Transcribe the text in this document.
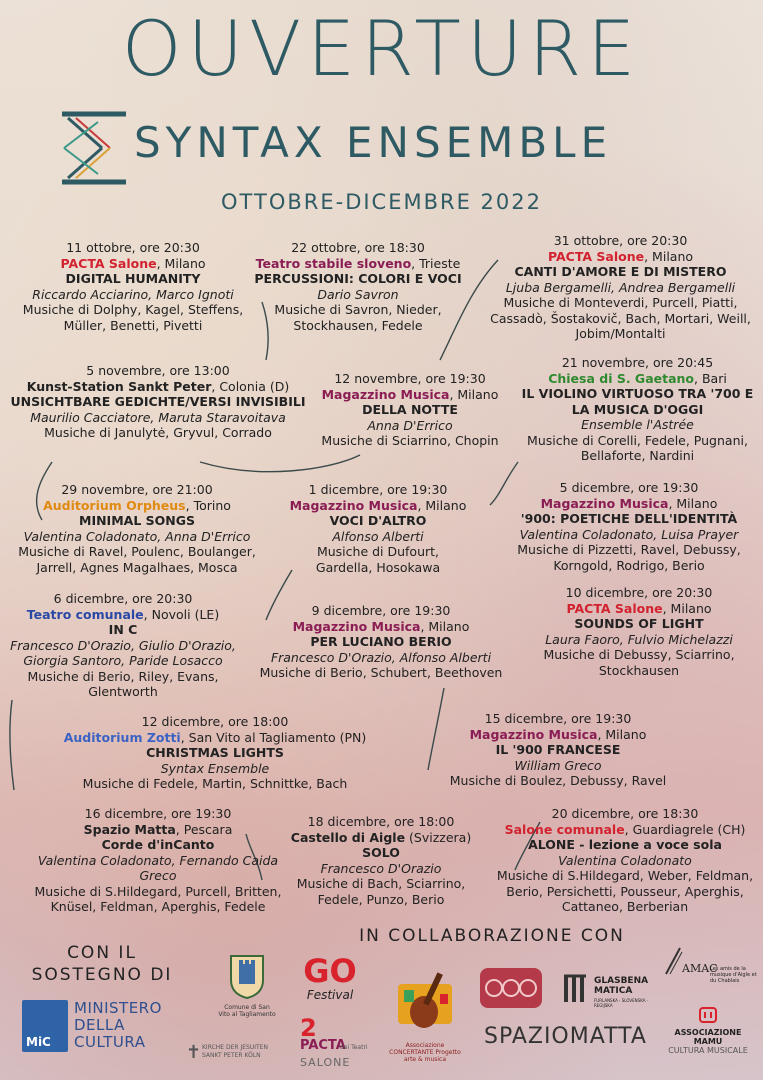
OUVERTURE
SYNTAX ENSEMBLE
OTTOBRE-DICEMBRE 2022
11 ottobre, ore 20:30
PACTA Salone, Milano
DIGITAL HUMANITY
Riccardo Acciarino, Marco Ignoti
Musiche di Dolphy, Kagel, Steffens, Müller, Benetti, Pivetti
22 ottobre, ore 18:30
Teatro stabile sloveno, Trieste
PERCUSSIONI: COLORI E VOCI
Dario Savron
Musiche di Savron, Nieder, Stockhausen, Fedele
31 ottobre, ore 20:30
PACTA Salone, Milano
CANTI D'AMORE E DI MISTERO
Ljuba Bergamelli, Andrea Bergamelli
Musiche di Monteverdi, Purcell, Piatti, Cassadò, Šostakovič, Bach, Mortari, Weill, Jobim/Montalti
5 novembre, ore 13:00
Kunst-Station Sankt Peter, Colonia (D)
UNSICHTBARE GEDICHTE/VERSI INVISIBILI
Maurilio Cacciatore, Maruta Staravoitava
Musiche di Janulytė, Gryvul, Corrado
12 novembre, ore 19:30
Magazzino Musica, Milano
DELLA NOTTE
Anna D'Errico
Musiche di Sciarrino, Chopin
21 novembre, ore 20:45
Chiesa di S. Gaetano, Bari
IL VIOLINO VIRTUOSO TRA '700 E LA MUSICA D'OGGI
Ensemble l'Astrée
Musiche di Corelli, Fedele, Pugnani, Bellaforte, Nardini
29 novembre, ore 21:00
Auditorium Orpheus, Torino
MINIMAL SONGS
Valentina Coladonato, Anna D'Errico
Musiche di Ravel, Poulenc, Boulanger, Jarrell, Agnes Magalhaes, Mosca
1 dicembre, ore 19:30
Magazzino Musica, Milano
VOCI D'ALTRO
Alfonso Alberti
Musiche di Dufourt, Gardella, Hosokawa
5 dicembre, ore 19:30
Magazzino Musica, Milano
'900: POETICHE DELL'IDENTITÀ
Valentina Coladonato, Luisa Prayer
Musiche di Pizzetti, Ravel, Debussy, Korngold, Rodrigo, Berio
6 dicembre, ore 20:30
Teatro comunale, Novoli (LE)
IN C
Francesco D'Orazio, Giulio D'Orazio, Giorgia Santoro, Paride Losacco
Musiche di Berio, Riley, Evans, Glentworth
9 dicembre, ore 19:30
Magazzino Musica, Milano
PER LUCIANO BERIO
Francesco D'Orazio, Alfonso Alberti
Musiche di Berio, Schubert, Beethoven
10 dicembre, ore 20:30
PACTA Salone, Milano
SOUNDS OF LIGHT
Laura Faoro, Fulvio Michelazzi
Musiche di Debussy, Sciarrino, Stockhausen
12 dicembre, ore 18:00
Auditorium Zotti, San Vito al Tagliamento (PN)
CHRISTMAS LIGHTS
Syntax Ensemble
Musiche di Fedele, Martin, Schnittke, Bach
15 dicembre, ore 19:30
Magazzino Musica, Milano
IL '900 FRANCESE
William Greco
Musiche di Boulez, Debussy, Ravel
16 dicembre, ore 19:30
Spazio Matta, Pescara
Corde d'inCanto
Valentina Coladonato, Fernando Caida Greco
Musiche di S.Hildegard, Purcell, Britten, Knüsel, Feldman, Aperghis, Fedele
18 dicembre, ore 18:00
Castello di Aigle (Svizzera)
SOLO
Francesco D'Orazio
Musiche di Bach, Sciarrino, Fedele, Punzo, Berio
20 dicembre, ore 18:30
Salone comunale, Guardiagrele (CH)
ALONE - lezione a voce sola
Valentina Coladonato
Musiche di S.Hildegard, Weber, Feldman, Berio, Persichetti, Pousseur, Aperghis, Cattaneo, Berberian
CON IL SOSTEGNO DI
IN COLLABORAZIONE CON
MiC
MINISTERO DELLA CULTURA
Comune di San Vito al Tagliamento
GO
Festival
Associazione CONCERTANTE Progetto arte & musica
GLASBENA MATICA
FURLANSKA · SLOVENSKA · REGIJSKA
AMAC
Les amis de la musique d'Aigle et du Chablais
✝ KIRCHE DER JESUITEN SANKT PETER KÖLN
2
PACTA
dei Teatri
SALONE
SPAZIOMATTA	ASSOCIAZIONE MAMU
CULTURA MUSICALE
